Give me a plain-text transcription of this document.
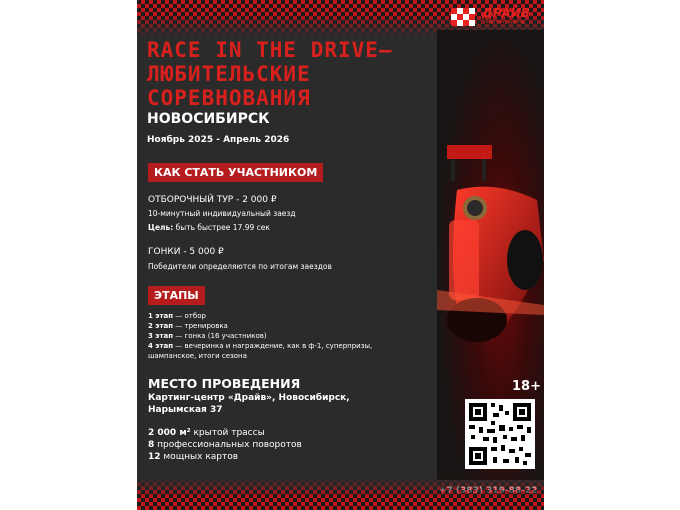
ДРАЙВ
картинг-центр
RACE IN THE DRIVE–
ЛЮБИТЕЛЬСКИЕ
СОРЕВНОВАНИЯ
НОВОСИБИРСК
Ноябрь 2025 - Апрель 2026
КАК СТАТЬ УЧАСТНИКОМ
ОТБОРОЧНЫЙ ТУР - 2 000 ₽
10-минутный индивидуальный заезд
Цель: быть быстрее 17.99 сек
ГОНКИ - 5 000 ₽
Победители определяются по итогам заездов
ЭТАПЫ
1 этап — отбор
2 этап — тренировка
3 этап — гонка (16 участников)
4 этап — вечеринка и награждение, как в ф-1, суперпризы,
шампанское, итоги сезона
МЕСТО ПРОВЕДЕНИЯ
Картинг-центр «Драйв», Новосибирск,
Нарымская 37
2 000 м² крытой трассы
8 профессиональных поворотов
12 мощных картов
18+
